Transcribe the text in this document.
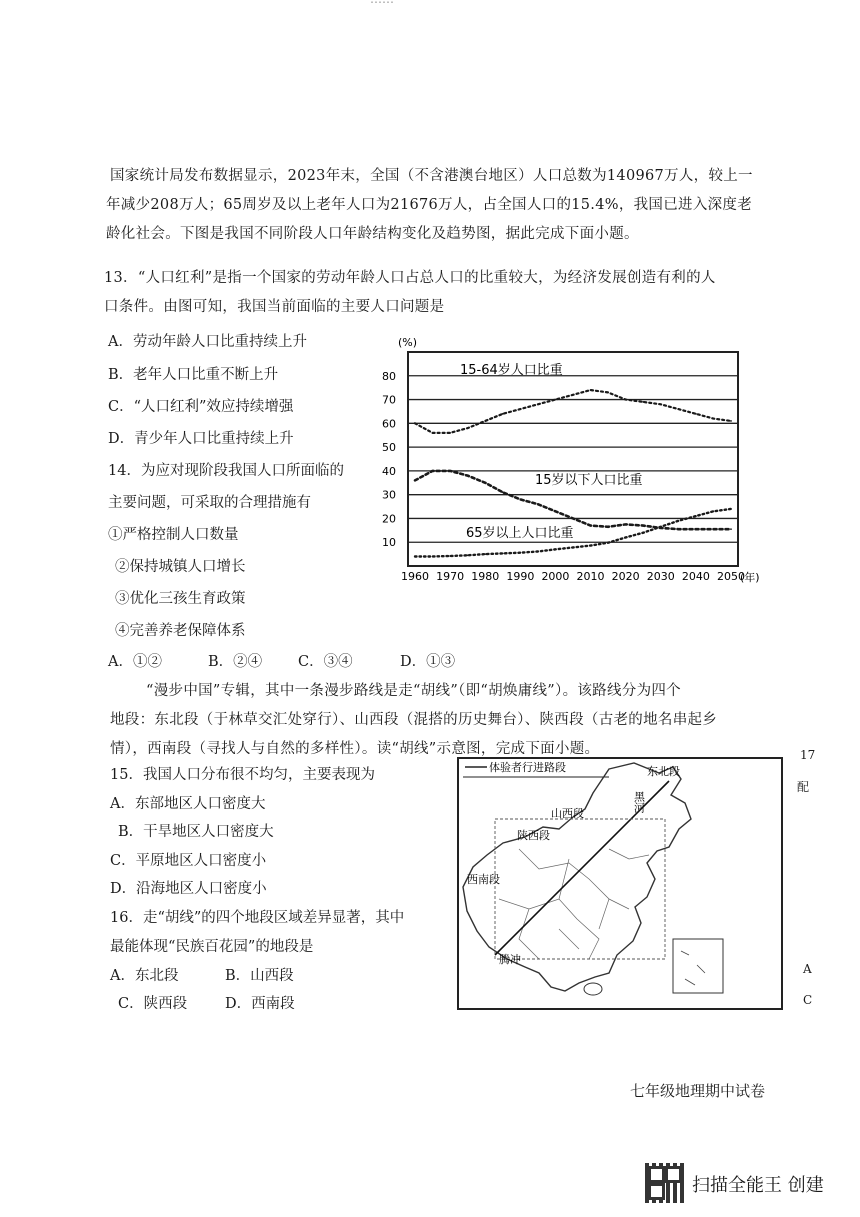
国家统计局发布数据显示，2023年末，全国（不含港澳台地区）人口总数为140967万人，较上一
年减少208万人；65周岁及以上老年人口为21676万人，占全国人口的15.4%，我国已进入深度老
龄化社会。下图是我国不同阶段人口年龄结构变化及趋势图，据此完成下面小题。
13．“人口红利”是指一个国家的劳动年龄人口占总人口的比重较大，为经济发展创造有利的人
口条件。由图可知，我国当前面临的主要人口问题是
A．劳动年龄人口比重持续上升
B．老年人口比重不断上升
C．“人口红利”效应持续增强
D．青少年人口比重持续上升
14．为应对现阶段我国人口所面临的
主要问题，可采取的合理措施有
①严格控制人口数量
②保持城镇人口增长
③优化三孩生育政策
④完善养老保障体系
A．①②	B．②④ C．③④	D．①③
(%)
10
20
30
40
50
60
70
80
1960 1970 1980 1990 2000 2010 2020 2030 2040 2050
15-64岁人口比重
15岁以下人口比重
65岁以上人口比重
(年)
“漫步中国”专辑，其中一条漫步路线是走“胡线”（即“胡焕庸线”）。该路线分为四个
地段：东北段（于林草交汇处穿行）、山西段（混搭的历史舞台）、陕西段（古老的地名串起乡
情），西南段（寻找人与自然的多样性）。读“胡线”示意图，完成下面小题。
15．我国人口分布很不均匀，主要表现为
A．东部地区人口密度大
B．干旱地区人口密度大
C．平原地区人口密度小
D．沿海地区人口密度小
16．走“胡线”的四个地段区域差异显著，其中
最能体现“民族百花园”的地段是
A．东北段	B．山西段
C．陕西段	D．西南段
体验者行进路段	东北段
黑河
山西段
陕西段
西南段
腾冲
17
配
A
C
七年级地理期中试卷
扫描全能王 创建
